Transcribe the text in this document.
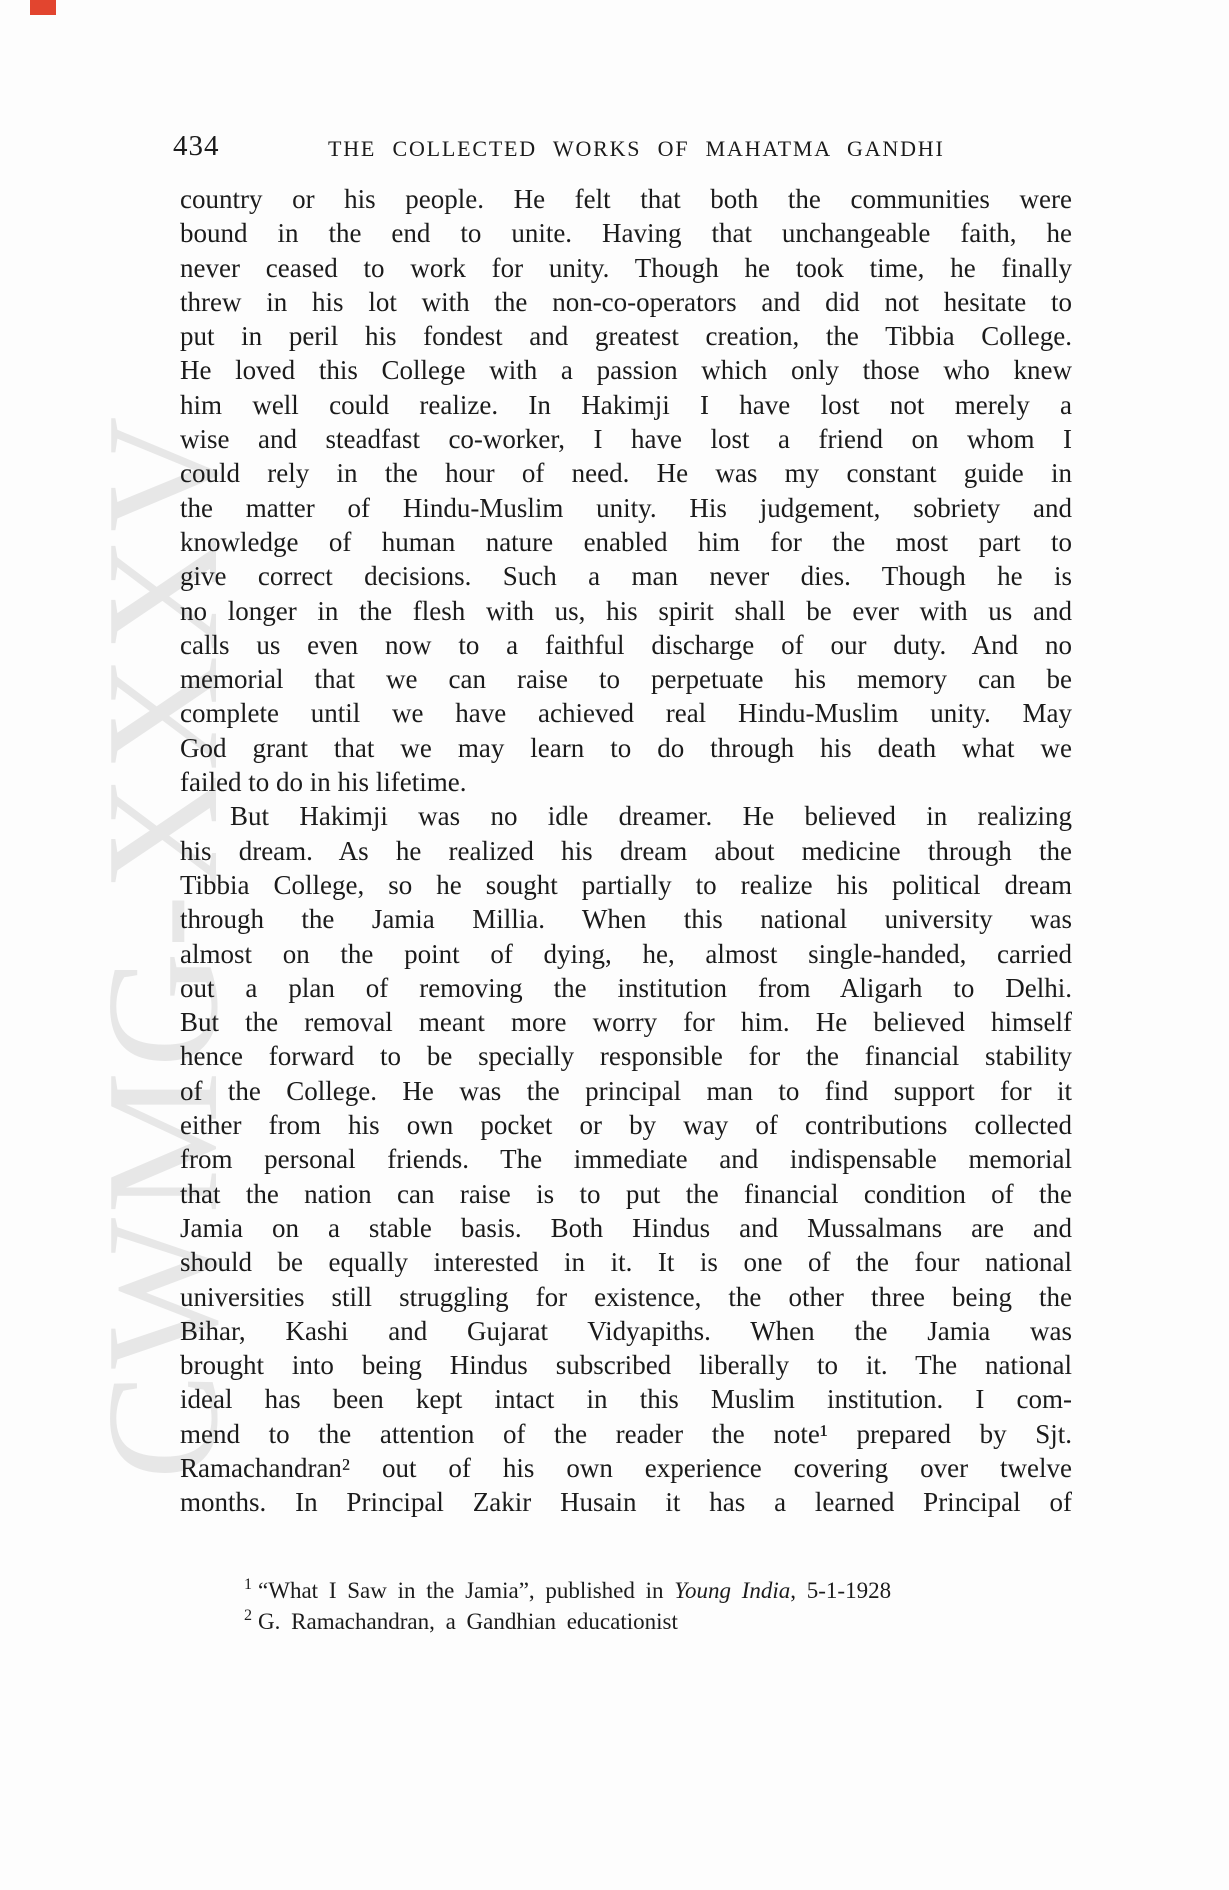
CWMG-XXXV
434	THE COLLECTED WORKS OF MAHATMA GANDHI
country or his people. He felt that both the communities were
bound in the end to unite. Having that unchangeable faith, he
never ceased to work for unity. Though he took time, he finally
threw in his lot with the non-co-operators and did not hesitate to
put in peril his fondest and greatest creation, the Tibbia College.
He loved this College with a passion which only those who knew
him well could realize. In Hakimji I have lost not merely a
wise and steadfast co-worker, I have lost a friend on whom I
could rely in the hour of need. He was my constant guide in
the matter of Hindu-Muslim unity. His judgement, sobriety and
knowledge of human nature enabled him for the most part to
give correct decisions. Such a man never dies. Though he is
no longer in the flesh with us, his spirit shall be ever with us and
calls us even now to a faithful discharge of our duty. And no
memorial that we can raise to perpetuate his memory can be
complete until we have achieved real Hindu-Muslim unity. May
God grant that we may learn to do through his death what we
failed to do in his lifetime.
But Hakimji was no idle dreamer. He believed in realizing
his dream. As he realized his dream about medicine through the
Tibbia College, so he sought partially to realize his political dream
through the Jamia Millia. When this national university was
almost on the point of dying, he, almost single-handed, carried
out a plan of removing the institution from Aligarh to Delhi.
But the removal meant more worry for him. He believed himself
hence forward to be specially responsible for the financial stability
of the College. He was the principal man to find support for it
either from his own pocket or by way of contributions collected
from personal friends. The immediate and indispensable memorial
that the nation can raise is to put the financial condition of the
Jamia on a stable basis. Both Hindus and Mussalmans are and
should be equally interested in it. It is one of the four national
universities still struggling for existence, the other three being the
Bihar, Kashi and Gujarat Vidyapiths. When the Jamia was
brought into being Hindus subscribed liberally to it. The national
ideal has been kept intact in this Muslim institution. I com-
mend to the attention of the reader the note¹ prepared by Sjt.
Ramachandran² out of his own experience covering over twelve
months. In Principal Zakir Husain it has a learned Principal of
$^1$ “What I Saw in the Jamia”, published in Young India, 5-1-1928
$^2$ G. Ramachandran, a Gandhian educationist
